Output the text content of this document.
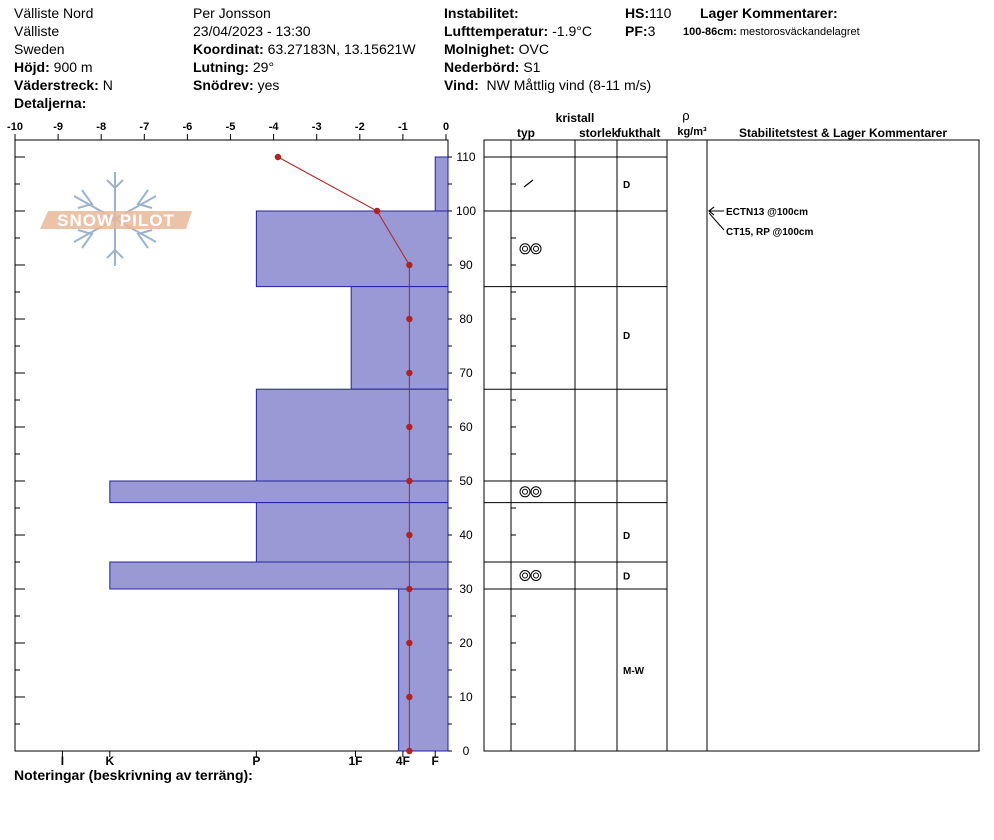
Välliste Nord
Välliste
Sweden
Höjd: 900 m
Väderstreck: N
Detaljerna:
Per Jonsson
23/04/2023 - 13:30
Koordinat: 63.27183N, 13.15621W
Lutning: 29°
Snödrev: yes
Instabilitet:
Lufttemperatur: -1.9°C
Molnighet: OVC
Nederbörd: S1
Vind: NW Måttlig vind (8-11 m/s)
HS:110
PF:3
Lager Kommentarer:
100-86cm: mestorosväckandelagret
Noteringar (beskrivning av terräng):
SNOW PILOT
-10	-9	-8	-7	-6	-5	-4	-3	-2	-1	0
I	K	P	1F	4F F
0
10
20
30
40
50
60
70
80
90
100
110
kristall
typ	storlek
fukthalt
ρ
kg/m³	Stabilitetstest & Lager Kommentarer
D
D
D
D
M-W
ECTN13 @100cm
CT15, RP @100cm
